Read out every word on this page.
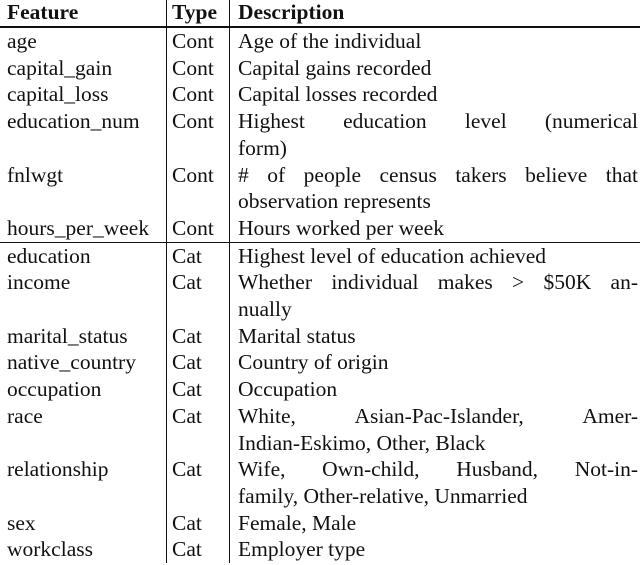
Feature	Type Description
age	Cont	Age of the individual
capital_gain	Cont	Capital gains recorded
capital_loss	Cont	Capital losses recorded
education_num	Cont	Highest education level (numerical
form)
fnlwgt	Cont	# of people census takers believe that
observation represents
hours_per_week	Cont	Hours worked per week
education	Cat	Highest level of education achieved
income	Cat	Whether individual makes > $50K an-
nually
marital_status	Cat	Marital status
native_country	Cat	Country of origin
occupation	Cat	Occupation
race	Cat	White, Asian-Pac-Islander, Amer-
Indian-Eskimo, Other, Black
relationship	Cat	Wife, Own-child, Husband, Not-in-
family, Other-relative, Unmarried
sex	Cat	Female, Male
workclass	Cat	Employer type
